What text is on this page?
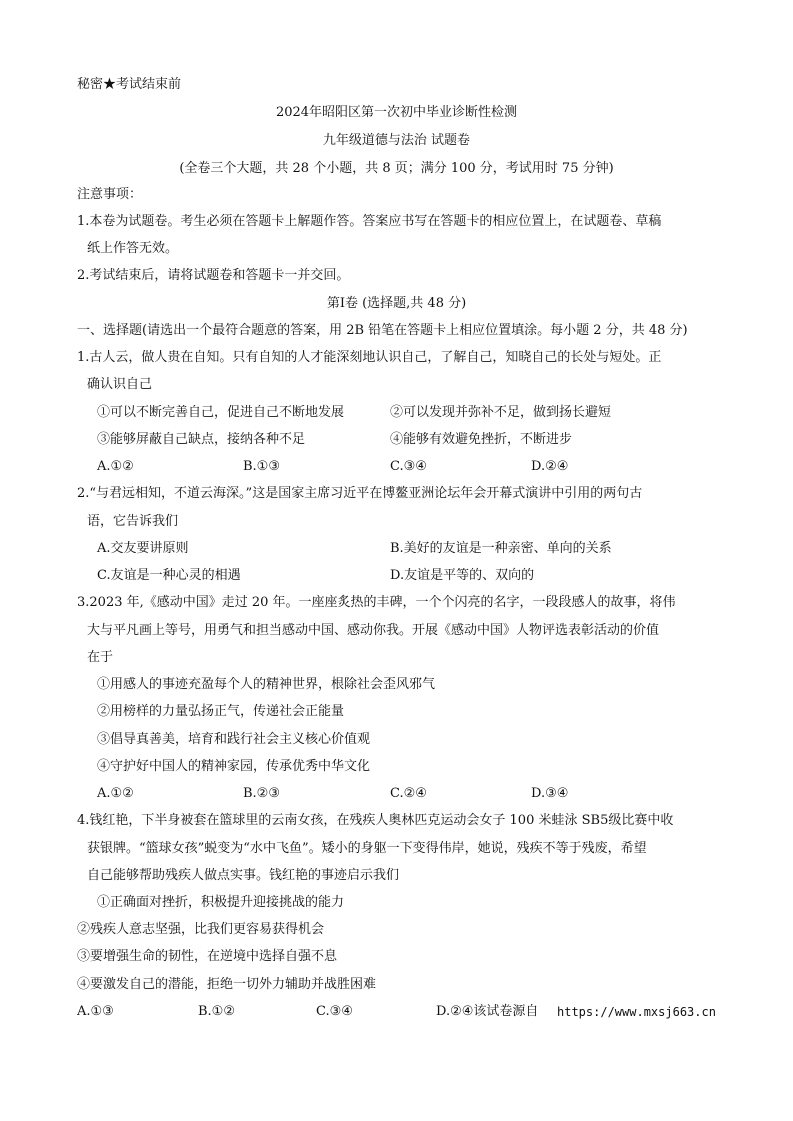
秘密★考试结束前
2024年昭阳区第一次初中毕业诊断性检测
九年级道德与法治 试题卷
(全卷三个大题，共 28 个小题，共 8 页；满分 100 分，考试用时 75 分钟)
注意事项：
1.本卷为试题卷。考生必须在答题卡上解题作答。答案应书写在答题卡的相应位置上，在试题卷、草稿
纸上作答无效。
2.考试结束后，请将试题卷和答题卡一并交回。
第Ⅰ卷 (选择题,共 48 分)
一、选择题(请选出一个最符合题意的答案，用 2B 铅笔在答题卡上相应位置填涂。每小题 2 分，共 48 分)
1.古人云，做人贵在自知。只有自知的人才能深刻地认识自己，了解自己，知晓自己的长处与短处。正
确认识自己
①可以不断完善自己，促进自己不断地发展	②可以发现并弥补不足，做到扬长避短
③能够屏蔽自己缺点，接纳各种不足	④能够有效避免挫折，不断进步
A.①②	B.①③	C.③④	D.②④
2.“与君远相知，不道云海深。”这是国家主席习近平在博鳌亚洲论坛年会开幕式演讲中引用的两句古
语，它告诉我们
A.交友要讲原则	B.美好的友谊是一种亲密、单向的关系
C.友谊是一种心灵的相遇	D.友谊是平等的、双向的
3.2023 年,《感动中国》走过 20 年。一座座炙热的丰碑，一个个闪亮的名字，一段段感人的故事，将伟
大与平凡画上等号，用勇气和担当感动中国、感动你我。开展《感动中国》人物评选表彰活动的价值
在于
①用感人的事迹充盈每个人的精神世界，根除社会歪风邪气
②用榜样的力量弘扬正气，传递社会正能量
③倡导真善美，培育和践行社会主义核心价值观
④守护好中国人的精神家园，传承优秀中华文化
A.①②	B.②③	C.②④	D.③④
4.钱红艳，下半身被套在篮球里的云南女孩，在残疾人奥林匹克运动会女子 100 米蛙泳 SB5级比赛中收
获银牌。“篮球女孩”蜕变为“水中飞鱼”。矮小的身躯一下变得伟岸，她说，残疾不等于残废，希望
自己能够帮助残疾人做点实事。钱红艳的事迹启示我们
①正确面对挫折，积极提升迎接挑战的能力
②残疾人意志坚强，比我们更容易获得机会
③要增强生命的韧性，在逆境中选择自强不息
④要激发自己的潜能，拒绝一切外力辅助并战胜困难
A.①③	B.①②	C.③④	D.②④该试卷源自 https://www.mxsj663.cn
